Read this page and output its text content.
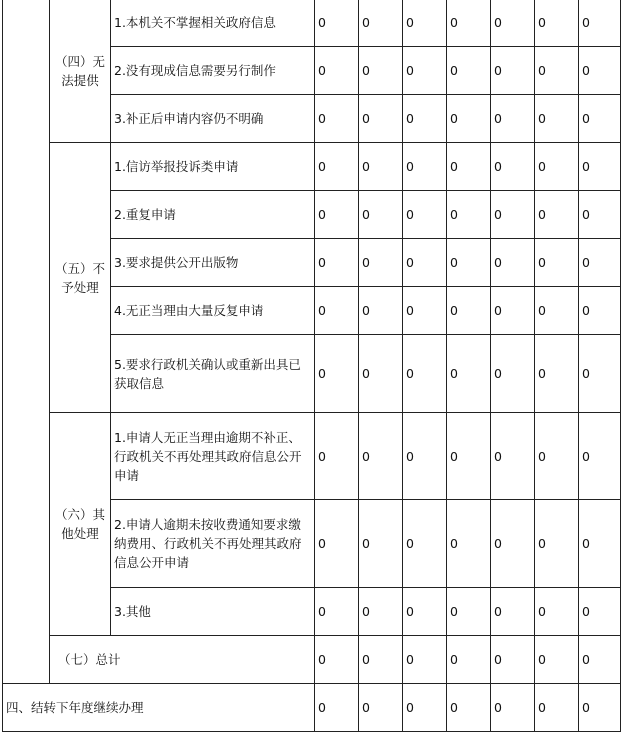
	（四）无法提供	1.本机关不掌握相关政府信息	0	0	0	0	0	0	0
		2.没有现成信息需要另行制作	0	0	0	0	0	0	0
		3.补正后申请内容仍不明确	0	0	0	0	0	0	0
	（五）不予处理	1.信访举报投诉类申请	0	0	0	0	0	0	0
		2.重复申请	0	0	0	0	0	0	0
		3.要求提供公开出版物	0	0	0	0	0	0	0
		4.无正当理由大量反复申请	0	0	0	0	0	0	0
		5.要求行政机关确认或重新出具已获取信息	0	0	0	0	0	0	0
	（六）其他处理	1.申请人无正当理由逾期不补正、行政机关不再处理其政府信息公开申请	0	0	0	0	0	0	0
		2.申请人逾期未按收费通知要求缴纳费用、行政机关不再处理其政府信息公开申请	0	0	0	0	0	0	0
		3.其他	0	0	0	0	0	0	0
	（七）总计		0	0	0	0	0	0	0
四、结转下年度继续办理			0	0	0	0	0	0	0
